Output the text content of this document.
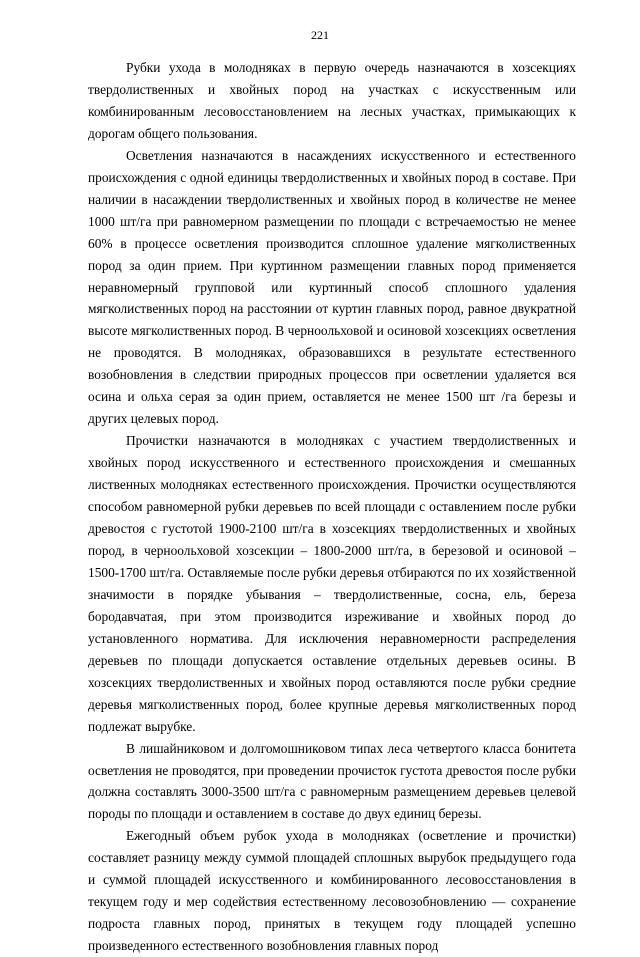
221

Рубки ухода в молодняках в первую очередь назначаются в хозсекциях твердолиственных и хвойных пород на участках с искусственным или комбинированным лесовосстановлением на лесных участках, примыкающих к дорогам общего пользования.

Осветления назначаются в насаждениях искусственного и естественного происхождения с одной единицы твердолиственных и хвойных пород в составе. При наличии в насаждении твердолиственных и хвойных пород в количестве не менее 1000 шт/га при равномерном размещении по площади с встречаемостью не менее 60% в процессе осветления производится сплошное удаление мягколиственных пород за один прием. При куртинном размещении главных пород применяется неравномерный групповой или куртинный способ сплошного удаления мягколиственных пород на расстоянии от куртин главных пород, равное двукратной высоте мягколиственных пород. В черноольховой и осиновой хозсекциях осветления не проводятся. В молодняках, образовавшихся в результате естественного возобновления в следствии природных процессов при осветлении удаляется вся осина и ольха серая за один прием, оставляется не менее 1500 шт /га березы и других целевых пород.

Прочистки назначаются в молодняках с участием твердолиственных и хвойных пород искусственного и естественного происхождения и смешанных лиственных молодняках естественного происхождения. Прочистки осуществляются способом равномерной рубки деревьев по всей площади с оставлением после рубки древостоя с густотой 1900-2100 шт/га в хозсекциях твердолиственных и хвойных пород, в черноольховой хозсекции – 1800-2000 шт/га, в березовой и осиновой – 1500-1700 шт/га. Оставляемые после рубки деревья отбираются по их хозяйственной значимости в порядке убывания – твердолиственные, сосна, ель, береза бородавчатая, при этом производится изреживание и хвойных пород до установленного норматива. Для исключения неравномерности распределения деревьев по площади допускается оставление отдельных деревьев осины. В хозсекциях твердолиственных и хвойных пород оставляются после рубки средние деревья мягколиственных пород, более крупные деревья мягколиственных пород подлежат вырубке.

В лишайниковом и долгомошниковом типах леса четвертого класса бонитета осветления не проводятся, при проведении прочисток густота древостоя после рубки должна составлять 3000-3500 шт/га с равномерным размещением деревьев целевой породы по площади и оставлением в составе до двух единиц березы.

Ежегодный объем рубок ухода в молодняках (осветление и прочистки) составляет разницу между суммой площадей сплошных вырубок предыдущего года и суммой площадей искусственного и комбинированного лесовосстановления в текущем году и мер содействия естественному лесовозобновлению — сохранение подроста главных пород, принятых в текущем году площадей успешно произведенного естественного возобновления главных пород
